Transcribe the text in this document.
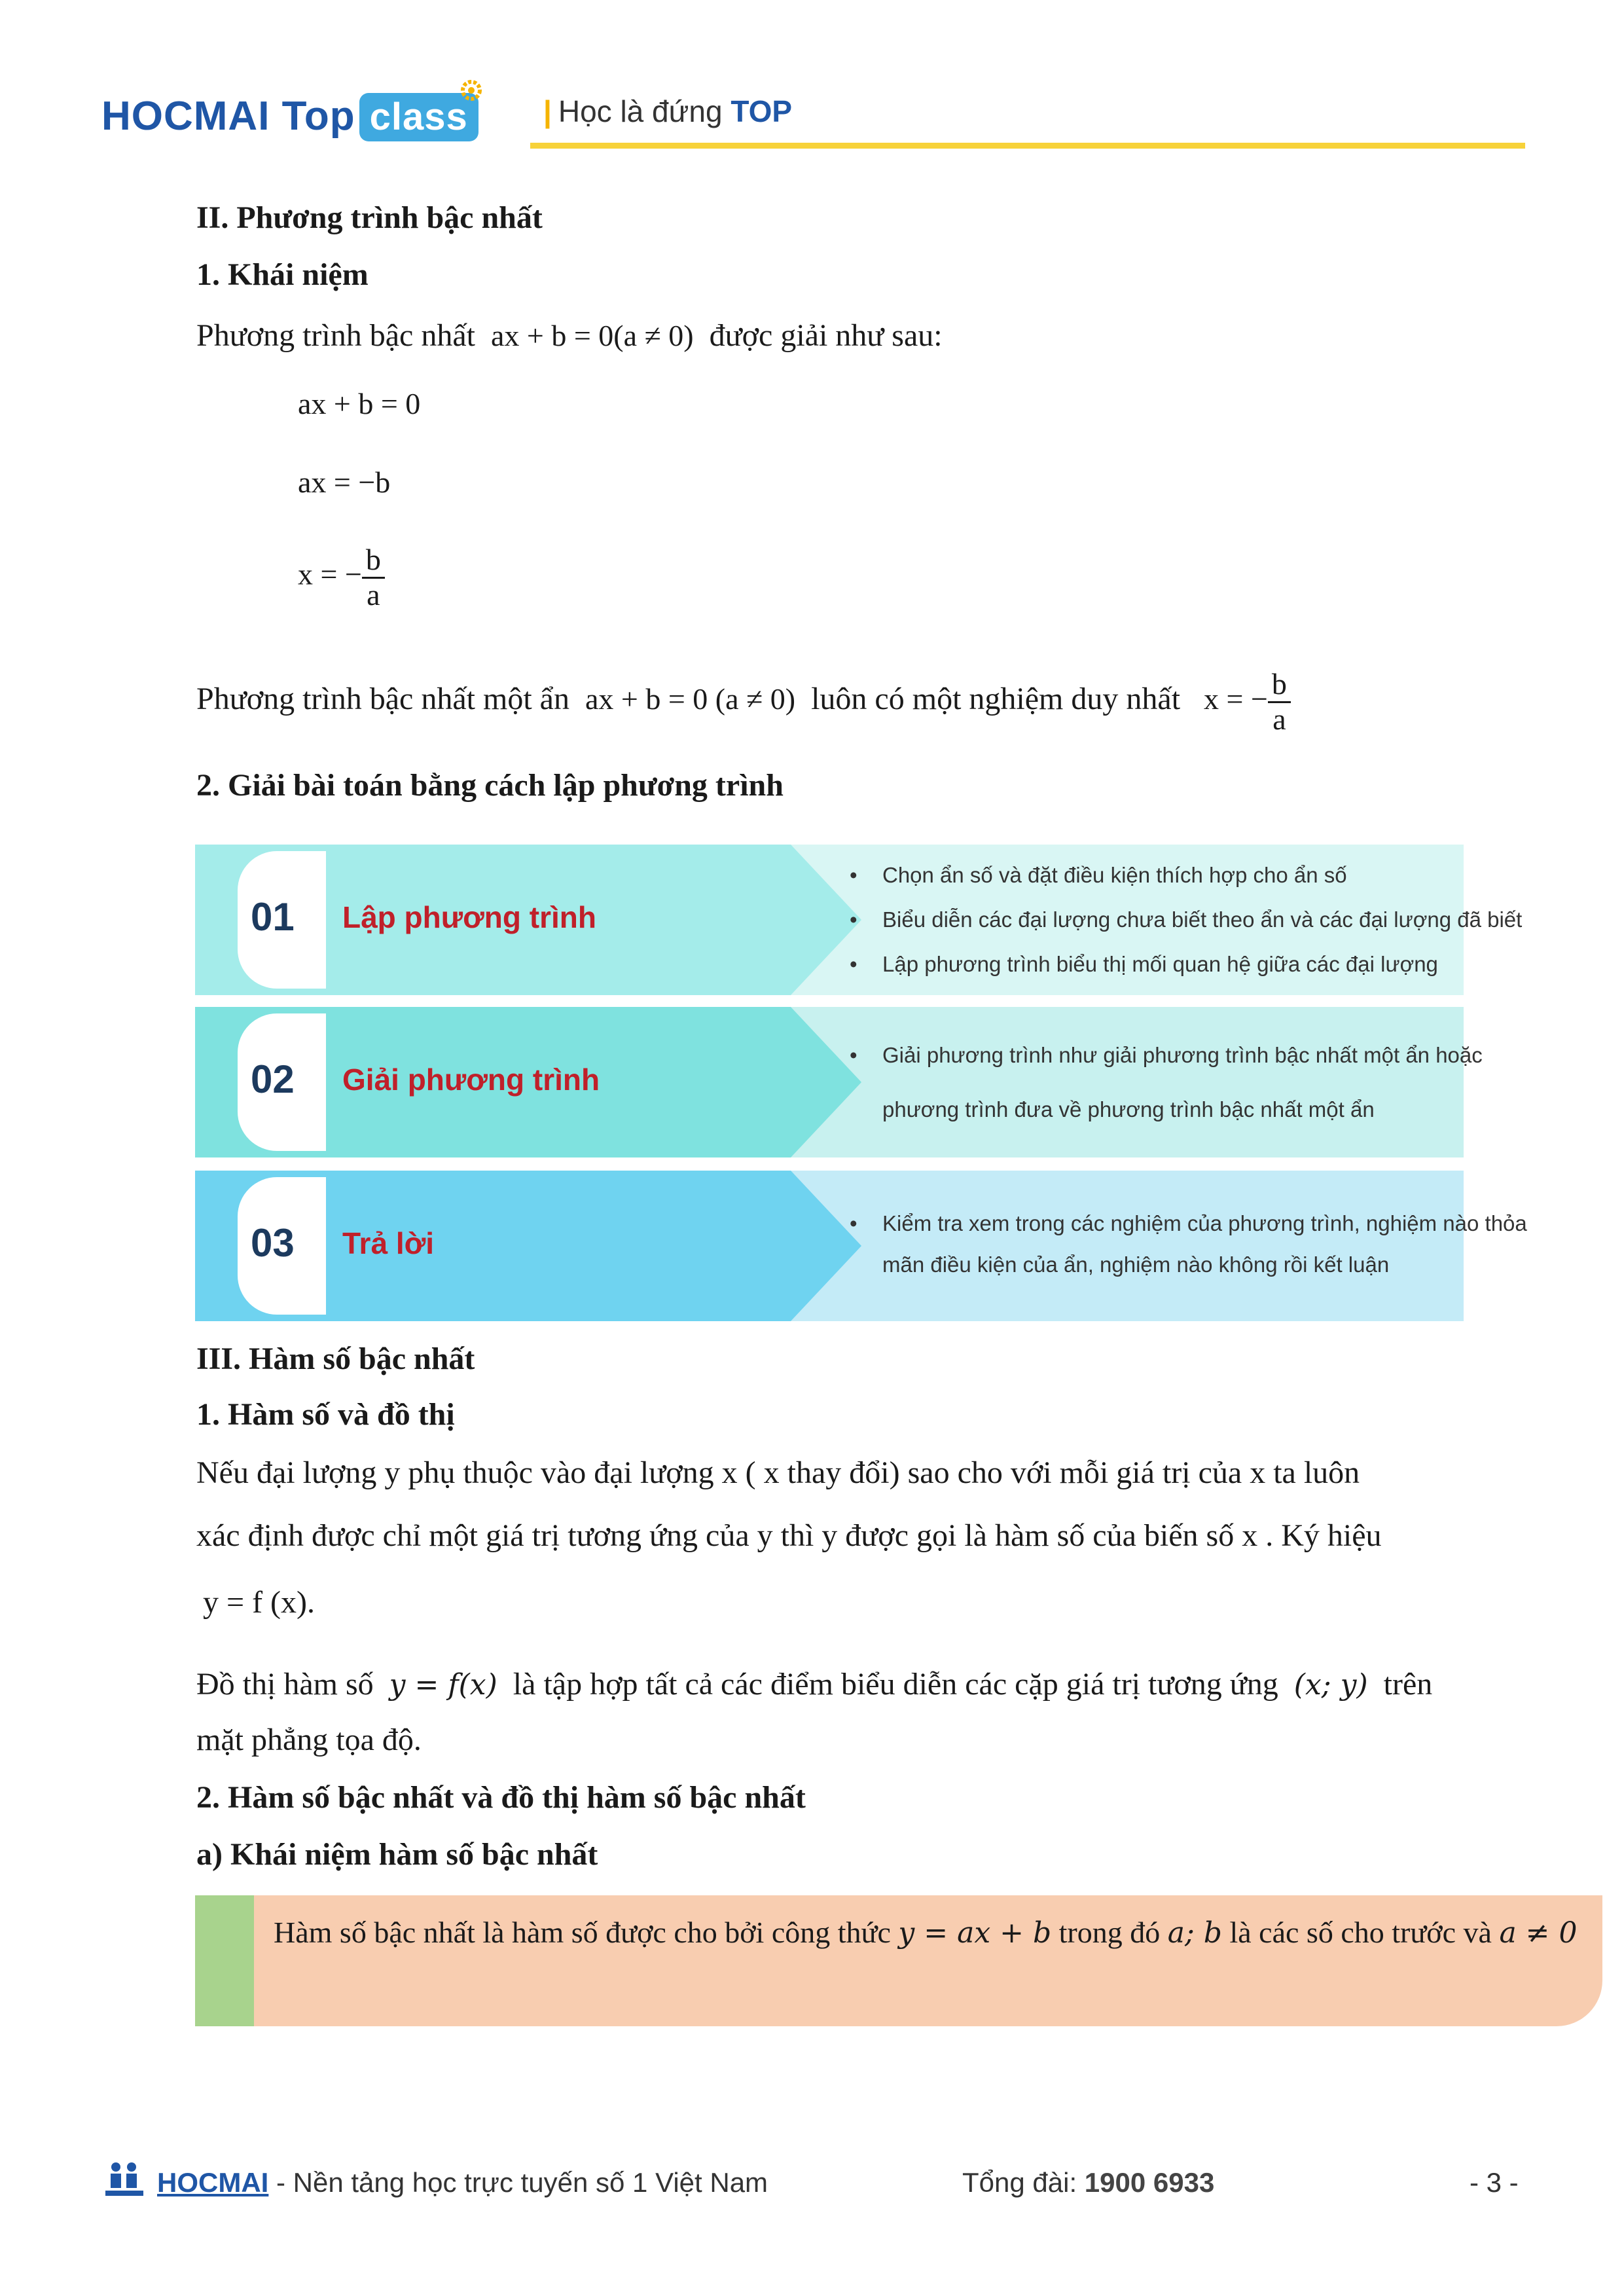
HOCMAI Top class	| Học là đứng TOP
II. Phương trình bậc nhất
1. Khái niệm
Phương trình bậc nhất ax + b = 0(a ≠ 0) được giải như sau:
ax + b = 0
ax = −b
x = − $\frac{b}{a}$
Phương trình bậc nhất một ẩn ax + b = 0 (a ≠ 0) luôn có một nghiệm duy nhất x = − $\frac{b}{a}$
2. Giải bài toán bằng cách lập phương trình
01 Lập phương trình
• Chọn ẩn số và đặt điều kiện thích hợp cho ẩn số
• Biểu diễn các đại lượng chưa biết theo ẩn và các đại lượng đã biết
• Lập phương trình biểu thị mối quan hệ giữa các đại lượng
02 Giải phương trình
• Giải phương trình như giải phương trình bậc nhất một ẩn hoặc
phương trình đưa về phương trình bậc nhất một ẩn
03 Trả lời
• Kiểm tra xem trong các nghiệm của phương trình, nghiệm nào thỏa
mãn điều kiện của ẩn, nghiệm nào không rồi kết luận
III. Hàm số bậc nhất
1. Hàm số và đồ thị
Nếu đại lượng y phụ thuộc vào đại lượng x ( x thay đổi) sao cho với mỗi giá trị của x ta luôn
xác định được chỉ một giá trị tương ứng của y thì y được gọi là hàm số của biến số x . Ký hiệu
y = f (x).
Đồ thị hàm số y = f(x) là tập hợp tất cả các điểm biểu diễn các cặp giá trị tương ứng (x; y) trên
mặt phẳng tọa độ.
2. Hàm số bậc nhất và đồ thị hàm số bậc nhất
a) Khái niệm hàm số bậc nhất
Hàm số bậc nhất là hàm số được cho bởi công thức y = ax + b trong đó a; b là các số cho trước và a ≠ 0
HOCMAI - Nền tảng học trực tuyến số 1 Việt Nam	Tổng đài: 1900 6933	- 3 -
